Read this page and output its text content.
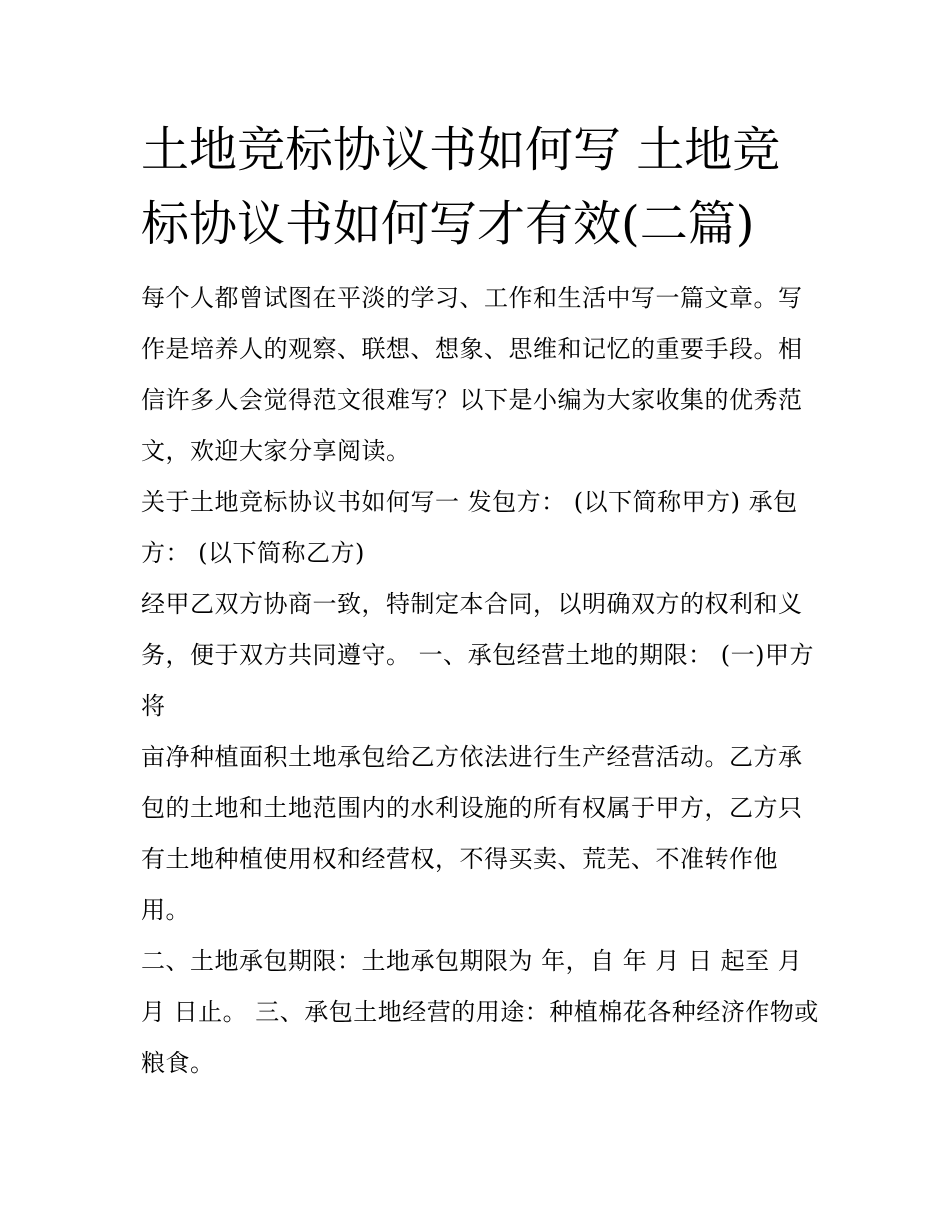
土地竞标协议书如何写 土地竞标协议书如何写才有效(二篇)

每个人都曾试图在平淡的学习、工作和生活中写一篇文章。写作是培养人的观察、联想、想象、思维和记忆的重要手段。相信许多人会觉得范文很难写？以下是小编为大家收集的优秀范文，欢迎大家分享阅读。

关于土地竞标协议书如何写一 发包方： (以下简称甲方) 承包方： (以下简称乙方)

经甲乙双方协商一致，特制定本合同，以明确双方的权利和义务，便于双方共同遵守。 一、承包经营土地的期限： (一)甲方将

亩净种植面积土地承包给乙方依法进行生产经营活动。乙方承包的土地和土地范围内的水利设施的所有权属于甲方，乙方只有土地种植使用权和经营权，不得买卖、荒芜、不准转作他用。

二、土地承包期限：土地承包期限为 年，自 年 月 日 起至 月 月 日止。 三、承包土地经营的用途：种植棉花各种经济作物或粮食。
